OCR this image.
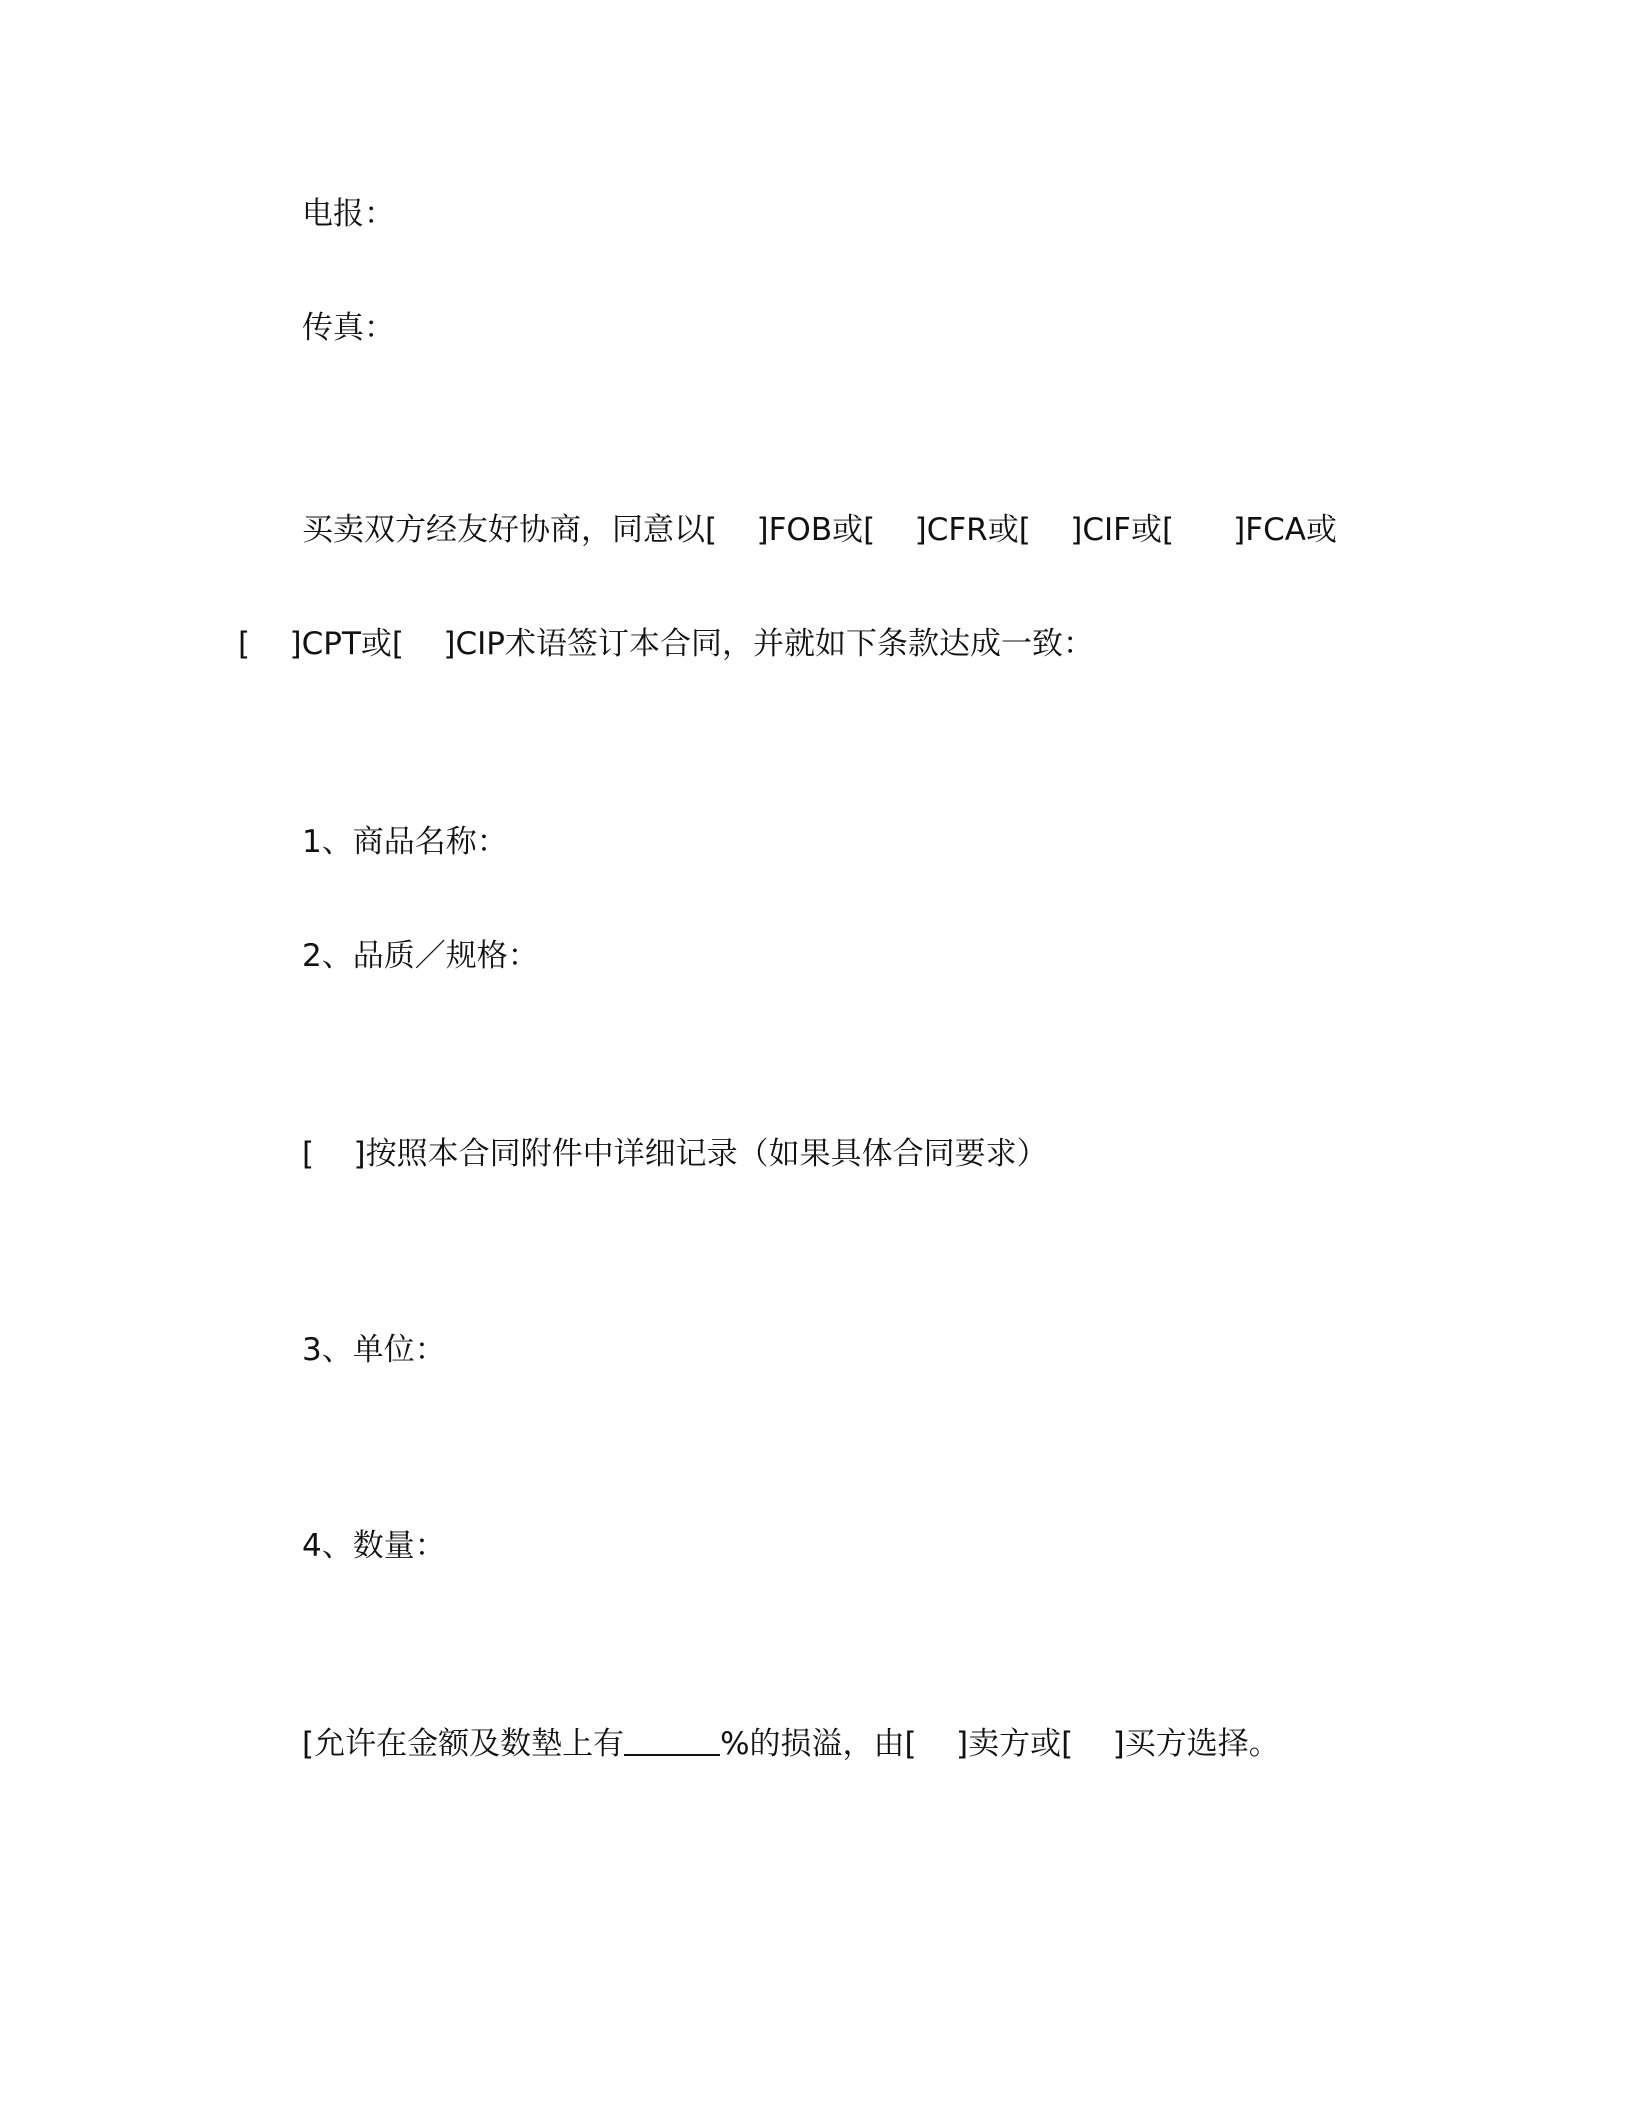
电报：
传真：
买卖双方经友好协商，同意以[    ]FOB或[    ]CFR或[    ]CIF或[      ]FCA或
[    ]CPT或[    ]CIP术语签订本合同，并就如下条款达成一致：
1、商品名称：
2、品质／规格：
[    ]按照本合同附件中详细记录（如果具体合同要求）
3、单位：
4、数量：
[允许在金额及数墊上有	%的损溢，由[    ]卖方或[    ]买方选择。
